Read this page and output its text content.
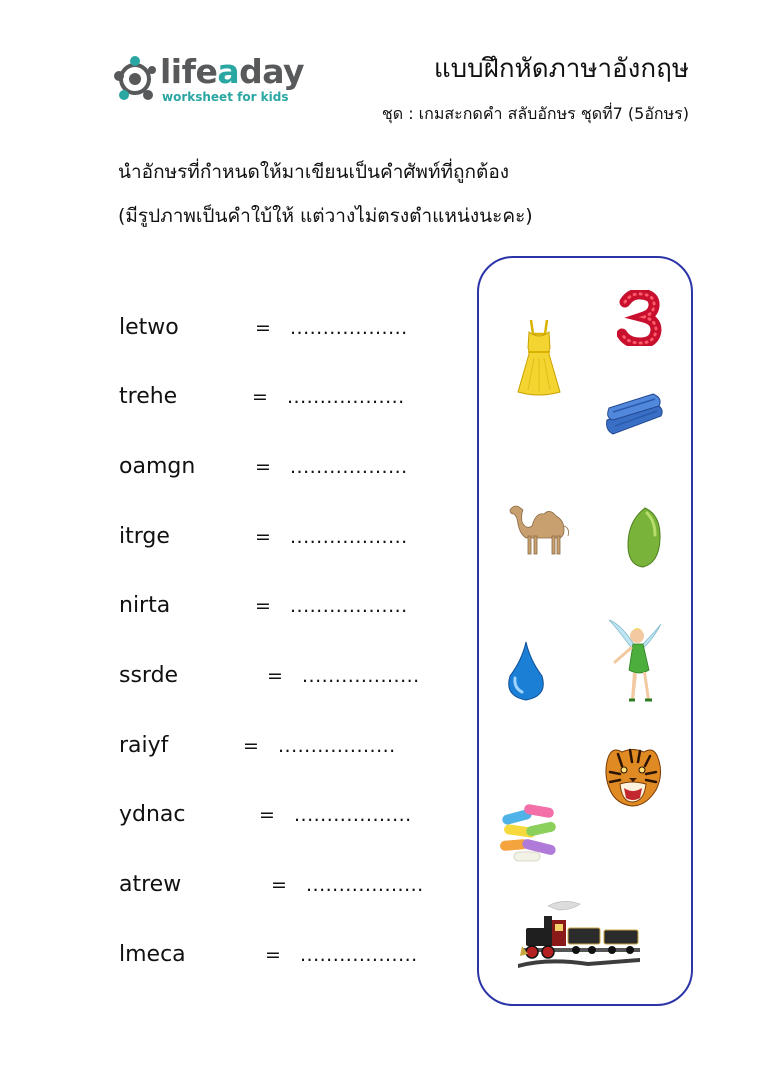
lifeaday
worksheet for kids
แบบฝึกหัดภาษาอังกฤษ
ชุด : เกมสะกดคำ สลับอักษร ชุดที่7 (5อักษร)
นำอักษรที่กำหนดให้มาเขียนเป็นคำศัพท์ที่ถูกต้อง
(มีรูปภาพเป็นคำใบ้ให้ แต่วางไม่ตรงตำแหน่งนะคะ)
letwo	= ..................
trehe	= ..................
oamgn	= ..................
itrge	= ..................
nirta	= ..................
ssrde	= ..................
raiyf	= ..................
ydnac	= ..................
atrew	= ..................
lmeca	= ..................
